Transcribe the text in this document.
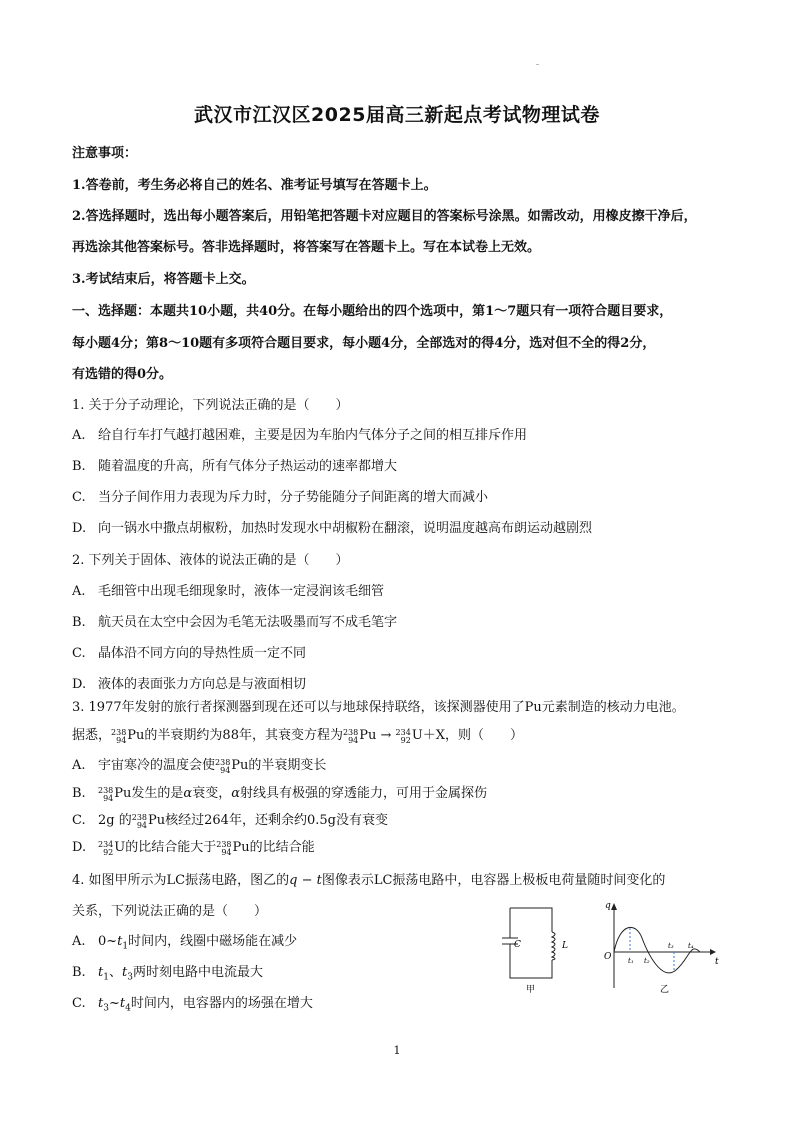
武汉市江汉区2025届高三新起点考试物理试卷
注意事项：
1.答卷前，考生务必将自己的姓名、准考证号填写在答题卡上。
2.答选择题时，选出每小题答案后，用铅笔把答题卡对应题目的答案标号涂黑。如需改动，用橡皮擦干净后，
再选涂其他答案标号。答非选择题时，将答案写在答题卡上。写在本试卷上无效。
3.考试结束后，将答题卡上交。
一、选择题：本题共10小题，共40分。在每小题给出的四个选项中，第1～7题只有一项符合题目要求，
每小题4分；第8～10题有多项符合题目要求，每小题4分，全部选对的得4分，选对但不全的得2分，
有选错的得0分。
1. 关于分子动理论，下列说法正确的是（　　）
A. 给自行车打气越打越困难，主要是因为车胎内气体分子之间的相互排斥作用
B. 随着温度的升高，所有气体分子热运动的速率都增大
C. 当分子间作用力表现为斥力时，分子势能随分子间距离的增大而减小
D. 向一锅水中撒点胡椒粉，加热时发现水中胡椒粉在翻滚，说明温度越高布朗运动越剧烈
2. 下列关于固体、液体的说法正确的是（　　）
A. 毛细管中出现毛细现象时，液体一定浸润该毛细管
B. 航天员在太空中会因为毛笔无法吸墨而写不成毛笔字
C. 晶体沿不同方向的导热性质一定不同
D. 液体的表面张力方向总是与液面相切
3. 1977年发射的旅行者探测器到现在还可以与地球保持联络，该探测器使用了Pu元素制造的核动力电池。
据悉， 238
94 Pu的半衰期约为88年，其衰变方程为 238
94 Pu → 234
92 U＋X，则（　　）
A. 宇宙寒冷的温度会使 238
94 Pu的半衰期变长
B. 238
94 Pu发生的是α衰变，α射线具有极强的穿透能力，可用于金属探伤
C. 2g 的 238
94 Pu核经过264年，还剩余约0.5g没有衰变
D. 234
92 U的比结合能大于 238
94 Pu的比结合能
4. 如图甲所示为LC振荡电路，图乙的q − t图像表示LC振荡电路中，电容器上极板电荷量随时间变化的
关系，下列说法正确的是（　　）
A. $0\sim t_1$时间内，线圈中磁场能在减少
B. $t_1$、$t_3$两时刻电路中电流最大
C. $t_3\sim t_4$时间内，电容器内的场强在增大
C	L
甲
q
t
O t₁ t₂
t₃ t₄
乙
1
